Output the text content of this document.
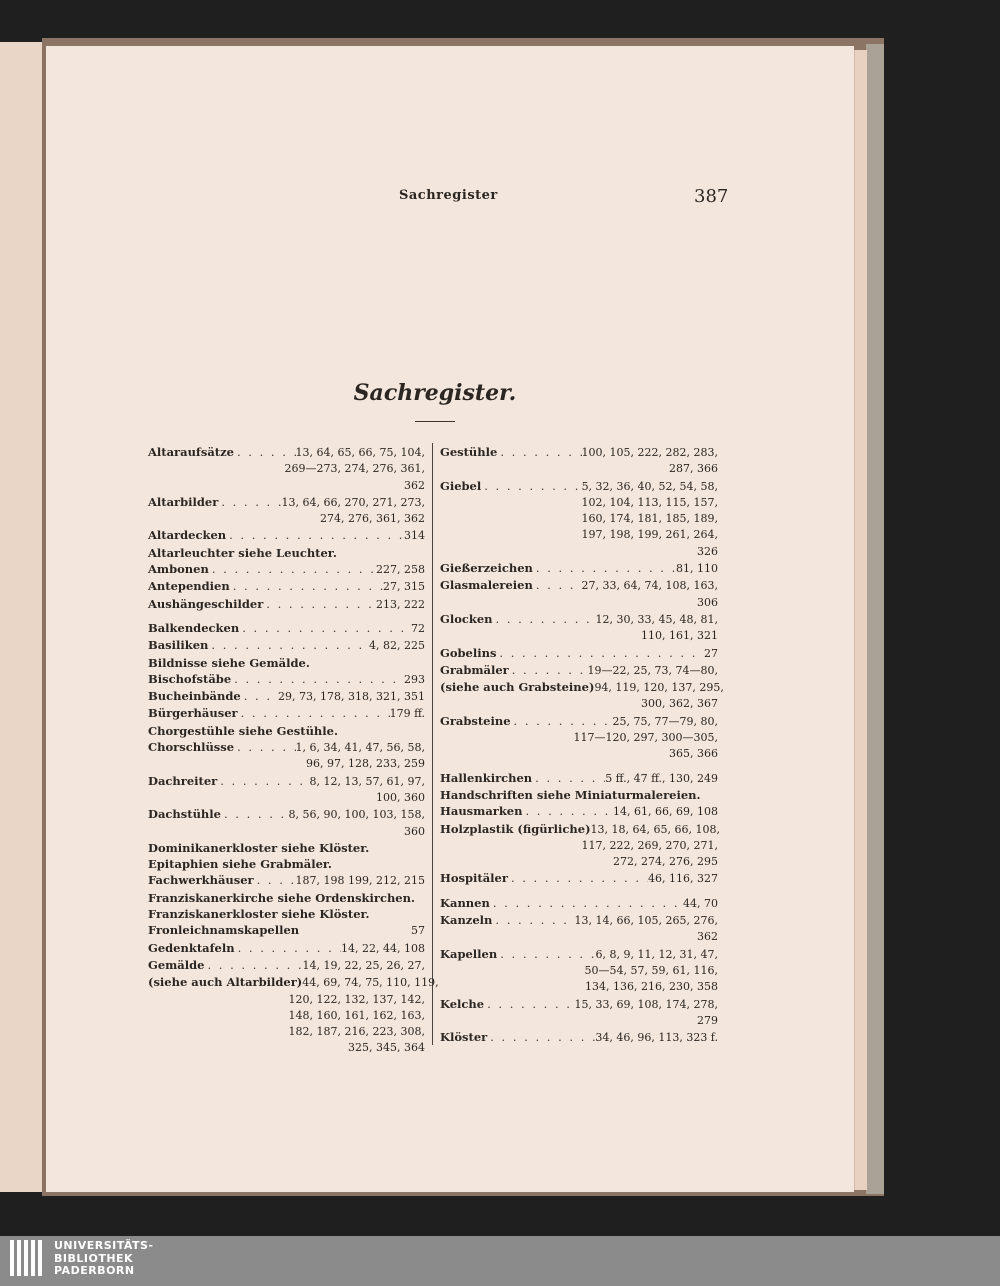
Sachregister	387
Sachregister.
Altaraufsätze . . .	13, 64, 65, 66, 75, 104,
269—273, 274, 276, 361,
362
Altarbilder . . .	13, 64, 66, 270, 271, 273,
274, 276, 361, 362
Altardecken . . .	314
Altarleuchter siehe Leuchter.
Ambonen . . .	227, 258
Antependien . . .	27, 315
Aushängeschilder . . .	213, 222
Balkendecken . . .	72
Basiliken . . .	4, 82, 225
Bildnisse siehe Gemälde.
Bischofstäbe . . .	293
Bucheinbände . . .	29, 73, 178, 318, 321, 351
Bürgerhäuser . . .	179 ff.
Chorgestühle siehe Gestühle.
Chorschlüsse . . .	1, 6, 34, 41, 47, 56, 58,
96, 97, 128, 233, 259
Dachreiter . . .	8, 12, 13, 57, 61, 97,
100, 360
Dachstühle . . .	8, 56, 90, 100, 103, 158,
360
Dominikanerkloster siehe Klöster.
Epitaphien siehe Grabmäler.
Fachwerkhäuser . . .	187, 198 199, 212, 215
Franziskanerkirche siehe Ordenskirchen.
Franziskanerkloster siehe Klöster.
Fronleichnamskapellen	57
Gedenktafeln . . .	14, 22, 44, 108
Gemälde . . .	14, 19, 22, 25, 26, 27,
(siehe auch Altarbilder) 44, 69, 74, 75, 110, 119,
120, 122, 132, 137, 142,
148, 160, 161, 162, 163,
182, 187, 216, 223, 308,
325, 345, 364
Gestühle . . .	100, 105, 222, 282, 283,
287, 366
Giebel . . .	5, 32, 36, 40, 52, 54, 58,
102, 104, 113, 115, 157,
160, 174, 181, 185, 189,
197, 198, 199, 261, 264,
326
Gießerzeichen . . .	81, 110
Glasmalereien . . .	27, 33, 64, 74, 108, 163,
306
Glocken . . .	12, 30, 33, 45, 48, 81,
110, 161, 321
Gobelins . . .	27
Grabmäler . . .	19—22, 25, 73, 74—80,
(siehe auch Grabsteine) 94, 119, 120, 137, 295,
300, 362, 367
Grabsteine . . .	25, 75, 77—79, 80,
117—120, 297, 300—305,
365, 366
Hallenkirchen . . .	5 ff., 47 ff., 130, 249
Handschriften siehe Miniaturmalereien.
Hausmarken . . .	14, 61, 66, 69, 108
Holzplastik (figürliche) 13, 18, 64, 65, 66, 108,
117, 222, 269, 270, 271,
272, 274, 276, 295
Hospitäler . . .	46, 116, 327
Kannen . . .	44, 70
Kanzeln . . .	13, 14, 66, 105, 265, 276,
362
Kapellen . . .	6, 8, 9, 11, 12, 31, 47,
50—54, 57, 59, 61, 116,
134, 136, 216, 230, 358
Kelche . . .	15, 33, 69, 108, 174, 278,
279
Klöster . . .	34, 46, 96, 113, 323 f.
UNIVERSITÄTS-
BIBLIOTHEK
PADERBORN
